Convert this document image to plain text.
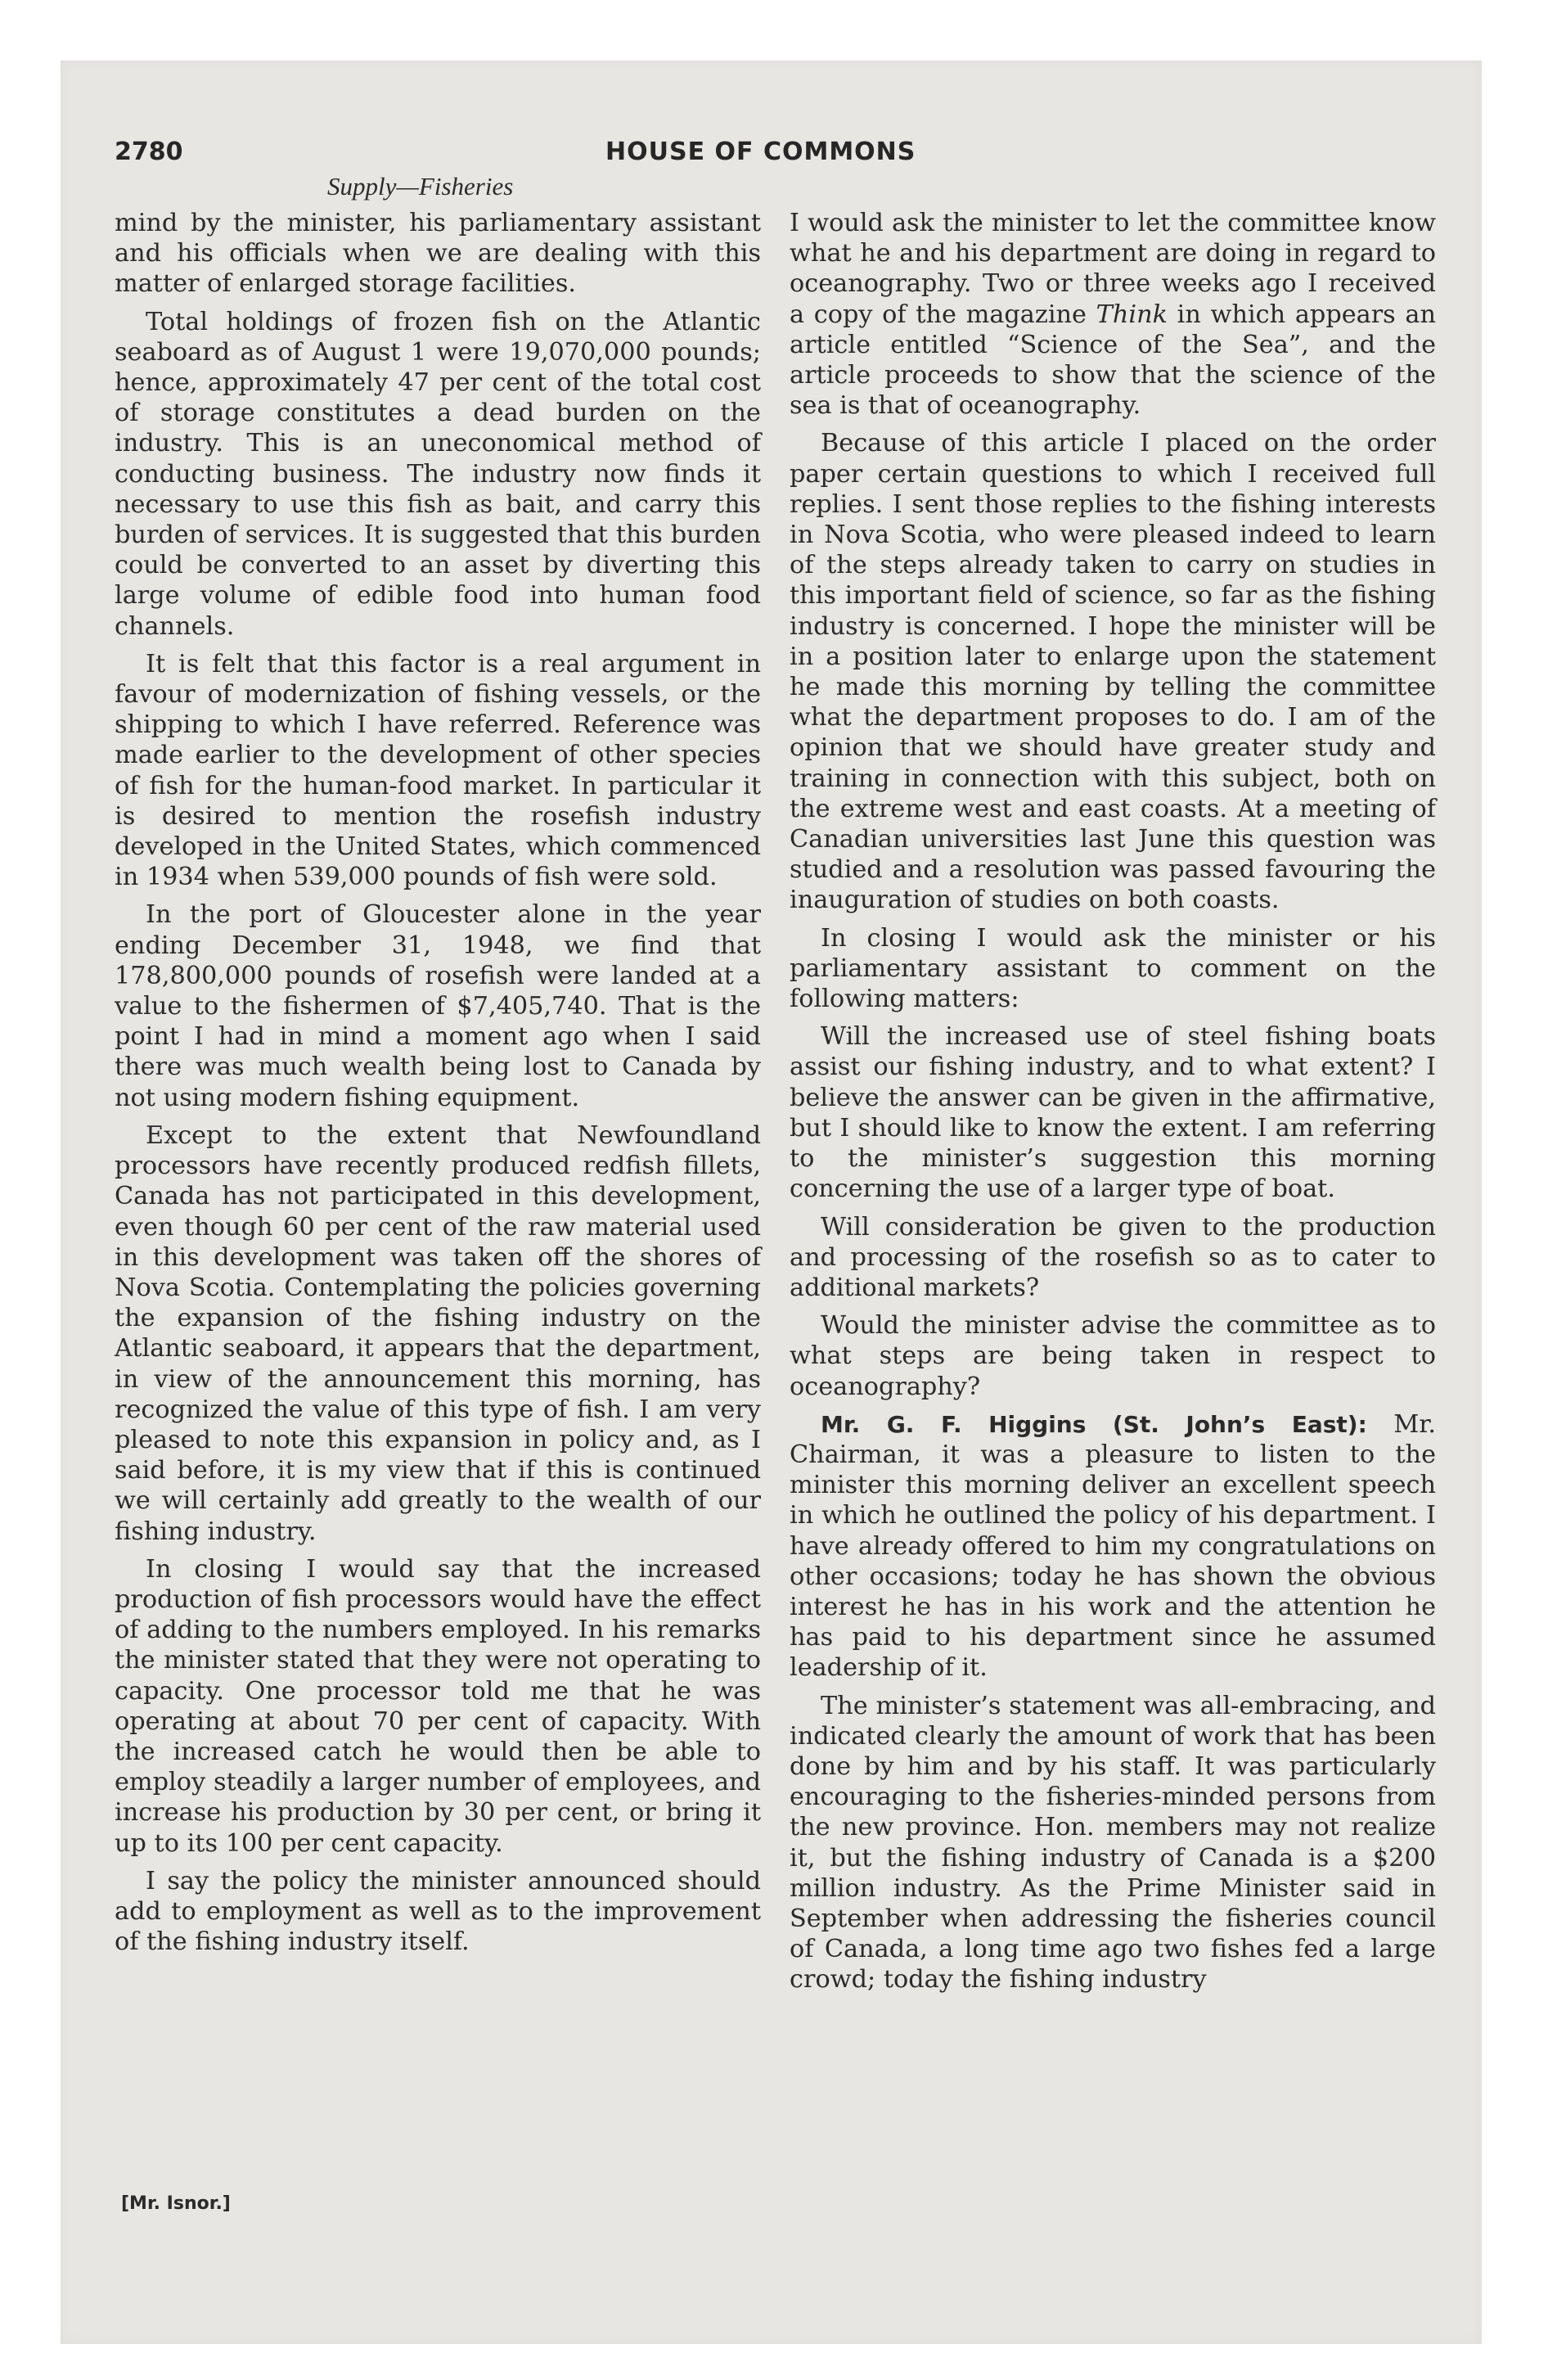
2780	HOUSE OF COMMONS
Supply—Fisheries

mind by the minister, his parliamentary assistant and his officials when we are dealing with this matter of enlarged storage facilities.

Total holdings of frozen fish on the Atlantic seaboard as of August 1 were 19,070,000 pounds; hence, approximately 47 per cent of the total cost of storage constitutes a dead burden on the industry. This is an uneconomical method of conducting business. The industry now finds it necessary to use this fish as bait, and carry this burden of services. It is suggested that this burden could be converted to an asset by diverting this large volume of edible food into human food channels.

It is felt that this factor is a real argument in favour of modernization of fishing vessels, or the shipping to which I have referred. Reference was made earlier to the development of other species of fish for the human-food market. In particular it is desired to mention the rosefish industry developed in the United States, which commenced in 1934 when 539,000 pounds of fish were sold.

In the port of Gloucester alone in the year ending December 31, 1948, we find that 178,800,000 pounds of rosefish were landed at a value to the fishermen of $7,405,740. That is the point I had in mind a moment ago when I said there was much wealth being lost to Canada by not using modern fishing equipment.

Except to the extent that Newfoundland processors have recently produced redfish fillets, Canada has not participated in this development, even though 60 per cent of the raw material used in this development was taken off the shores of Nova Scotia. Contemplating the policies governing the expansion of the fishing industry on the Atlantic seaboard, it appears that the department, in view of the announcement this morning, has recognized the value of this type of fish. I am very pleased to note this expansion in policy and, as I said before, it is my view that if this is continued we will certainly add greatly to the wealth of our fishing industry.

In closing I would say that the increased production of fish processors would have the effect of adding to the numbers employed. In his remarks the minister stated that they were not operating to capacity. One processor told me that he was operating at about 70 per cent of capacity. With the increased catch he would then be able to employ steadily a larger number of employees, and increase his production by 30 per cent, or bring it up to its 100 per cent capacity.

I say the policy the minister announced should add to employment as well as to the improvement of the fishing industry itself.

I would ask the minister to let the committee know what he and his department are doing in regard to oceanography. Two or three weeks ago I received a copy of the magazine Think in which appears an article entitled “Science of the Sea”, and the article proceeds to show that the science of the sea is that of oceanography.

Because of this article I placed on the order paper certain questions to which I received full replies. I sent those replies to the fishing interests in Nova Scotia, who were pleased indeed to learn of the steps already taken to carry on studies in this important field of science, so far as the fishing industry is concerned. I hope the minister will be in a position later to enlarge upon the statement he made this morning by telling the committee what the department proposes to do. I am of the opinion that we should have greater study and training in connection with this subject, both on the extreme west and east coasts. At a meeting of Canadian universities last June this question was studied and a resolution was passed favouring the inauguration of studies on both coasts.

In closing I would ask the minister or his parliamentary assistant to comment on the following matters:

Will the increased use of steel fishing boats assist our fishing industry, and to what extent? I believe the answer can be given in the affirmative, but I should like to know the extent. I am referring to the minister’s suggestion this morning concerning the use of a larger type of boat.

Will consideration be given to the production and processing of the rosefish so as to cater to additional markets?

Would the minister advise the committee as to what steps are being taken in respect to oceanography?

Mr. G. F. Higgins (St. John’s East): Mr. Chairman, it was a pleasure to listen to the minister this morning deliver an excellent speech in which he outlined the policy of his department. I have already offered to him my congratulations on other occasions; today he has shown the obvious interest he has in his work and the attention he has paid to his department since he assumed leadership of it.

The minister’s statement was all-embracing, and indicated clearly the amount of work that has been done by him and by his staff. It was particularly encouraging to the fisheries-minded persons from the new province. Hon. members may not realize it, but the fishing industry of Canada is a $200 million industry. As the Prime Minister said in September when addressing the fisheries council of Canada, a long time ago two fishes fed a large crowd; today the fishing industry

[Mr. Isnor.]
